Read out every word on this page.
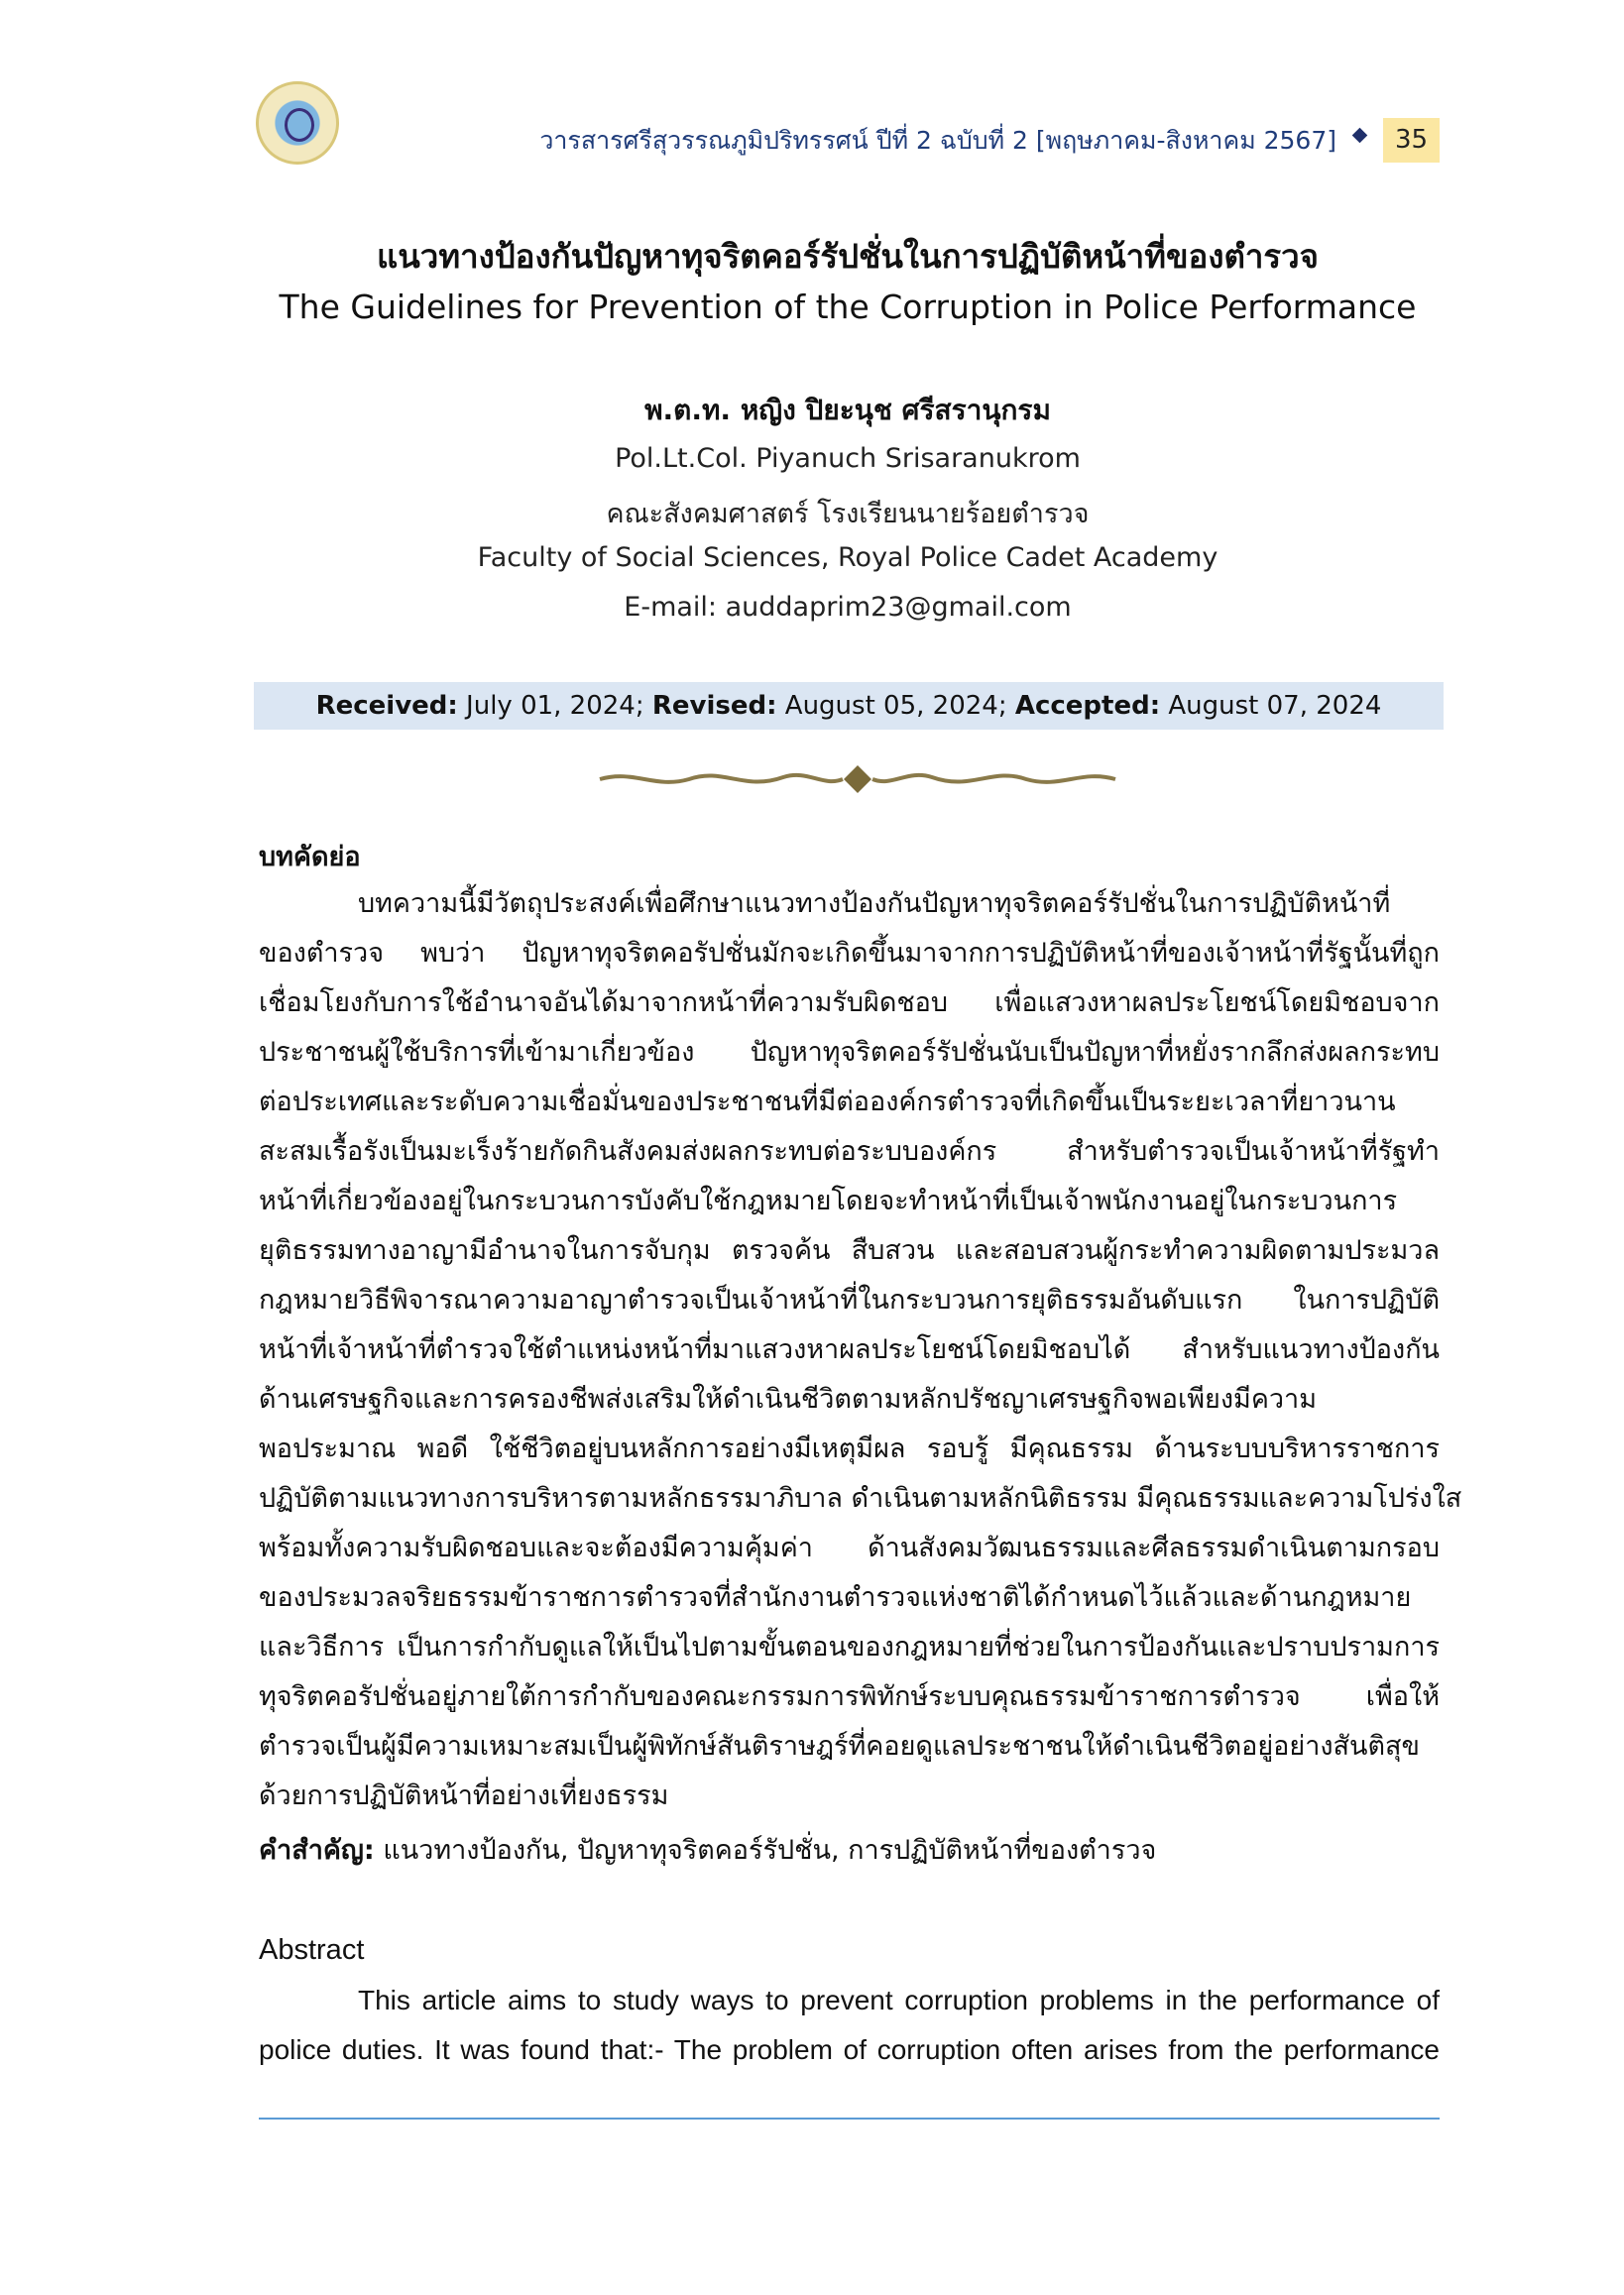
วารสารศรีสุวรรณภูมิปริทรรศน์ ปีที่ 2 ฉบับที่ 2 [พฤษภาคม-สิงหาคม 2567]	35
แนวทางป้องกันปัญหาทุจริตคอร์รัปชั่นในการปฏิบัติหน้าที่ของตำรวจ
The Guidelines for Prevention of the Corruption in Police Performance
พ.ต.ท. หญิง ปิยะนุช ศรีสรานุกรม
Pol.Lt.Col. Piyanuch Srisaranukrom
คณะสังคมศาสตร์ โรงเรียนนายร้อยตำรวจ
Faculty of Social Sciences, Royal Police Cadet Academy
E-mail: auddaprim23@gmail.com
Received: July 01, 2024; Revised: August 05, 2024; Accepted: August 07, 2024
บทคัดย่อ
บทความนี้มีวัตถุประสงค์เพื่อศึกษาแนวทางป้องกันปัญหาทุจริตคอร์รัปชั่นในการปฏิบัติหน้าที่
ของตำรวจ พบว่า ปัญหาทุจริตคอรัปชั่นมักจะเกิดขึ้นมาจากการปฏิบัติหน้าที่ของเจ้าหน้าที่รัฐนั้นที่ถูก
เชื่อมโยงกับการใช้อำนาจอันได้มาจากหน้าที่ความรับผิดชอบ เพื่อแสวงหาผลประโยชน์โดยมิชอบจาก
ประชาชนผู้ใช้บริการที่เข้ามาเกี่ยวข้อง ปัญหาทุจริตคอร์รัปชั่นนับเป็นปัญหาที่หยั่งรากลึกส่งผลกระทบ
ต่อประเทศและระดับความเชื่อมั่นของประชาชนที่มีต่อองค์กรตำรวจที่เกิดขึ้นเป็นระยะเวลาที่ยาวนาน
สะสมเรื้อรังเป็นมะเร็งร้ายกัดกินสังคมส่งผลกระทบต่อระบบองค์กร สำหรับตำรวจเป็นเจ้าหน้าที่รัฐทำ
หน้าที่เกี่ยวข้องอยู่ในกระบวนการบังคับใช้กฎหมายโดยจะทำหน้าที่เป็นเจ้าพนักงานอยู่ในกระบวนการ
ยุติธรรมทางอาญามีอำนาจในการจับกุม ตรวจค้น สืบสวน และสอบสวนผู้กระทำความผิดตามประมวล
กฎหมายวิธีพิจารณาความอาญาตำรวจเป็นเจ้าหน้าที่ในกระบวนการยุติธรรมอันดับแรก ในการปฏิบัติ
หน้าที่เจ้าหน้าที่ตำรวจใช้ตำแหน่งหน้าที่มาแสวงหาผลประโยชน์โดยมิชอบได้ สำหรับแนวทางป้องกัน
ด้านเศรษฐกิจและการครองชีพส่งเสริมให้ดำเนินชีวิตตามหลักปรัชญาเศรษฐกิจพอเพียงมีความ
พอประมาณ พอดี ใช้ชีวิตอยู่บนหลักการอย่างมีเหตุมีผล รอบรู้ มีคุณธรรม ด้านระบบบริหารราชการ
ปฏิบัติตามแนวทางการบริหารตามหลักธรรมาภิบาล ดำเนินตามหลักนิติธรรม มีคุณธรรมและความโปร่งใส
พร้อมทั้งความรับผิดชอบและจะต้องมีความคุ้มค่า ด้านสังคมวัฒนธรรมและศีลธรรมดำเนินตามกรอบ
ของประมวลจริยธรรมข้าราชการตำรวจที่สำนักงานตำรวจแห่งชาติได้กำหนดไว้แล้วและด้านกฎหมาย
และวิธีการ เป็นการกำกับดูแลให้เป็นไปตามขั้นตอนของกฎหมายที่ช่วยในการป้องกันและปราบปรามการ
ทุจริตคอรัปชั่นอยู่ภายใต้การกำกับของคณะกรรมการพิทักษ์ระบบคุณธรรมข้าราชการตำรวจ เพื่อให้
ตำรวจเป็นผู้มีความเหมาะสมเป็นผู้พิทักษ์สันติราษฎร์ที่คอยดูแลประชาชนให้ดำเนินชีวิตอยู่อย่างสันติสุข
ด้วยการปฏิบัติหน้าที่อย่างเที่ยงธรรม
คำสำคัญ: แนวทางป้องกัน, ปัญหาทุจริตคอร์รัปชั่น, การปฏิบัติหน้าที่ของตำรวจ
Abstract
This article aims to study ways to prevent corruption problems in the performance of
police duties. It was found that:- The problem of corruption often arises from the performance
